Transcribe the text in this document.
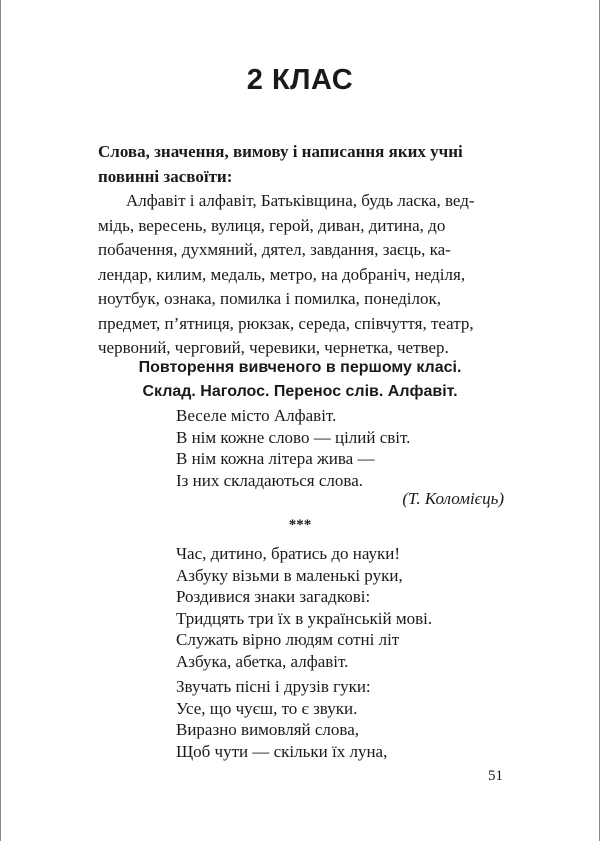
2 КЛАС
Слова, значення, вимову і написання яких учні
повинні засвоїти:
Алфавіт і алфавіт, Батьківщина, будь ласка, вед-
мідь, вересень, вулиця, герой, диван, дитина, до
побачення, духмяний, дятел, завдання, заєць, ка-
лендар, килим, медаль, метро, на добраніч, неділя,
ноутбук, ознака, помилка і помилка, понеділок,
предмет, п’ятниця, рюкзак, середа, співчуття, театр,
червоний, черговий, черевики, чернетка, четвер.
Повторення вивченого в першому класі.
Склад. Наголос. Перенос слів. Алфавіт.
Веселе місто Алфавіт.
В нім кожне слово — цілий світ.
В нім кожна літера жива —
Із них складаються слова.
(Т. Коломієць)
***
Час, дитино, братись до науки!
Азбуку візьми в маленькі руки,
Роздивися знаки загадкові:
Тридцять три їх в українській мові.
Служать вірно людям сотні літ
Азбука, абетка, алфавіт.
Звучать пісні і друзів гуки:
Усе, що чуєш, то є звуки.
Виразно вимовляй слова,
Щоб чути — скільки їх луна,
51
